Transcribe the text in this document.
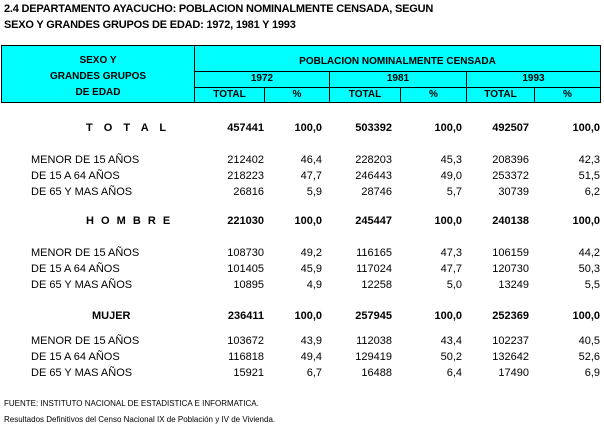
2.4 DEPARTAMENTO AYACUCHO: POBLACION NOMINALMENTE CENSADA, SEGUN
SEXO Y GRANDES GRUPOS DE EDAD: 1972, 1981 Y 1993
SEXO Y
GRANDES GRUPOS
DE EDAD
POBLACION NOMINALMENTE CENSADA
1972	1981	1993
TOTAL	%	TOTAL	%	TOTAL	%
T O T A L	457441	100,0	503392	100,0	492507	100,0
MENOR DE 15 AÑOS	212402	46,4	228203	45,3	208396	42,3
DE 15 A 64 AÑOS	218223	47,7	246443	49,0	253372	51,5
DE 65 Y MAS AÑOS	26816	5,9	28746	5,7	30739	6,2
H O M B R E	221030	100,0	245447	100,0	240138	100,0
MENOR DE 15 AÑOS	108730	49,2	116165	47,3	106159	44,2
DE 15 A 64 AÑOS	101405	45,9	117024	47,7	120730	50,3
DE 65 Y MAS AÑOS	10895	4,9	12258	5,0	13249	5,5
MUJER	236411	100,0	257945	100,0	252369	100,0
MENOR DE 15 AÑOS	103672	43,9	112038	43,4	102237	40,5
DE 15 A 64 AÑOS	116818	49,4	129419	50,2	132642	52,6
DE 65 Y MAS AÑOS	15921	6,7	16488	6,4	17490	6,9
FUENTE: INSTITUTO NACIONAL DE ESTADISTICA E INFORMATICA.
Resultados Definitivos del Censo Nacional IX de Población y IV de Vivienda.
